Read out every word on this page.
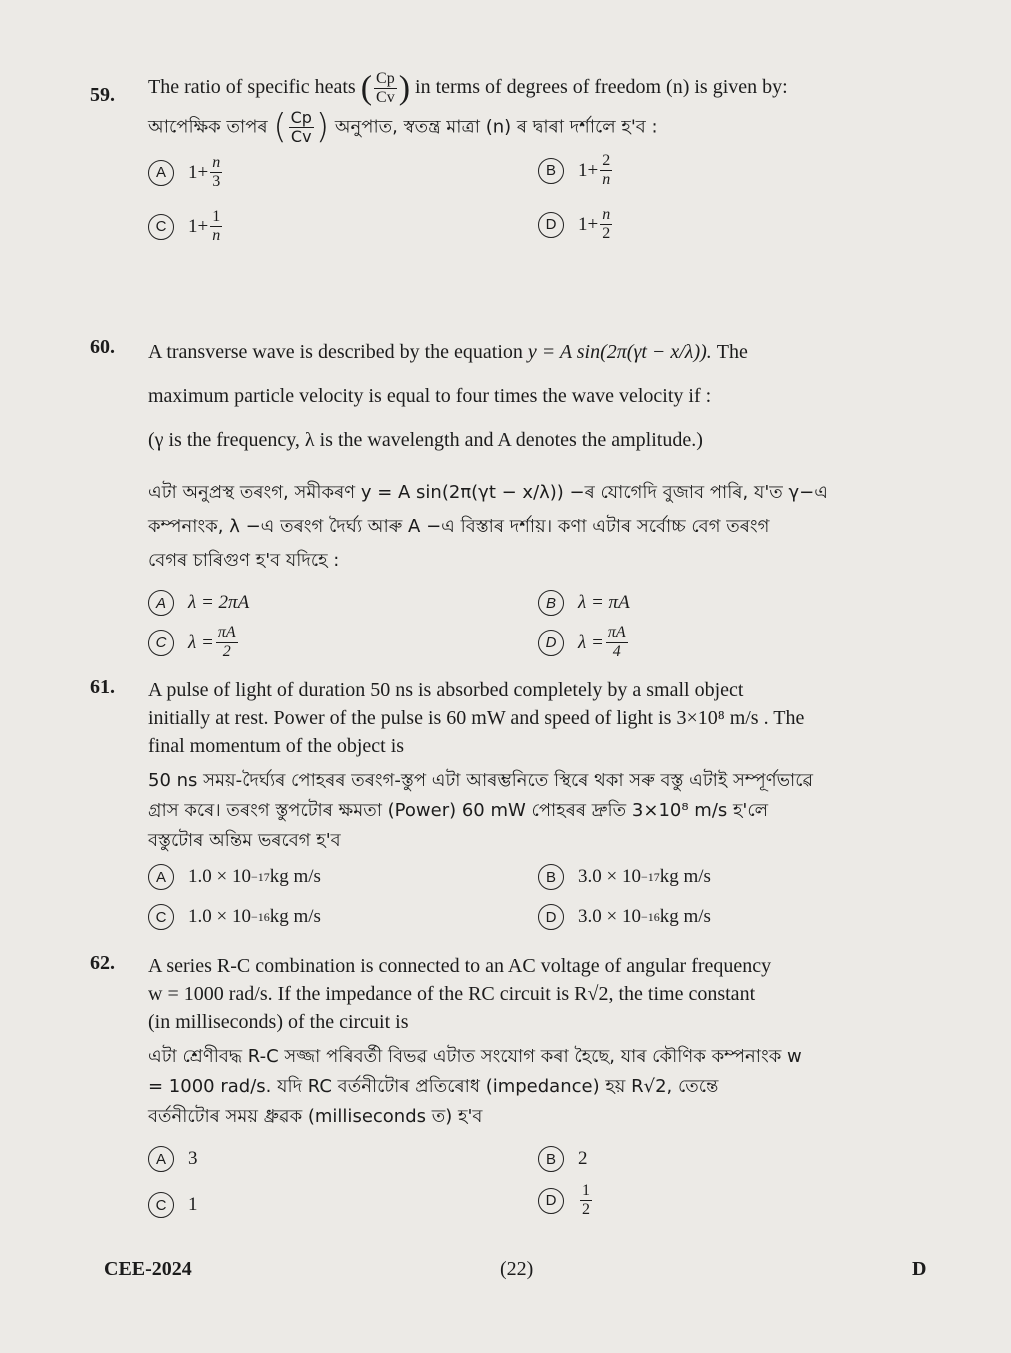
59. The ratio of specific heats ( $\frac{Cp}{Cv}$ ) in terms of degrees of freedom (n) is given by:
আপেক্ষিক তাপৰ ( $\frac{Cp}{Cv}$ ) অনুপাত, স্বতন্ত্ৰ মাত্ৰা (n) ৰ দ্বাৰা দৰ্শালে হ'ব :
A	$1+ \frac{n}{3}$	B	$1+ \frac{2}{n}$
C	$1+ \frac{1}{n}$	D	$1+ \frac{n}{2}$
60. A transverse wave is described by the equation y = A sin(2π(γt − x/λ)). The
maximum particle velocity is equal to four times the wave velocity if :
(γ is the frequency, λ is the wavelength and A denotes the amplitude.)
এটা অনুপ্ৰস্থ তৰংগ, সমীকৰণ y = A sin(2π(γt − x/λ)) −ৰ যোগেদি বুজাব পাৰি, য'ত γ−এ
কম্পনাংক, λ −এ তৰংগ দৈৰ্ঘ্য আৰু A −এ বিস্তাৰ দৰ্শায়। কণা এটাৰ সৰ্বোচ্চ বেগ তৰংগ
বেগৰ চাৰিগুণ হ'ব যদিহে :
A	λ = 2πA	B	λ = πA
C	$\lambda = \frac{\pi A}{2}$	D	$\lambda = \frac{\pi A}{4}$
61. A pulse of light of duration 50 ns is absorbed completely by a small object
initially at rest. Power of the pulse is 60 mW and speed of light is 3×10⁸ m/s . The
final momentum of the object is
50 ns সময়-দৈৰ্ঘ্যৰ পোহৰৰ তৰংগ-স্তুপ এটা আৰম্ভনিতে স্থিৰে থকা সৰু বস্তু এটাই সম্পূৰ্ণভাৱে
গ্ৰাস কৰে। তৰংগ স্তুপটোৰ ক্ষমতা (Power) 60 mW পোহৰৰ দ্ৰুতি 3×10⁸ m/s হ'লে
বস্তুটোৰ অন্তিম ভৰবেগ হ'ব
A	1.0 × 10 −17 kg m/s	B	3.0 × 10 −17 kg m/s
C	1.0 × 10 −16 kg m/s	D	3.0 × 10 −16 kg m/s
62. A series R-C combination is connected to an AC voltage of angular frequency
w = 1000 rad/s. If the impedance of the RC circuit is R√2, the time constant
(in milliseconds) of the circuit is
এটা শ্ৰেণীবদ্ধ R-C সজ্জা পৰিবৰ্তী বিভৱ এটাত সংযোগ কৰা হৈছে, যাৰ কৌণিক কম্পনাংক w
= 1000 rad/s. যদি RC বৰ্তনীটোৰ প্ৰতিৰোধ (impedance) হয় R√2, তেন্তে
বৰ্তনীটোৰ সময় ধ্ৰুৱক (milliseconds ত) হ'ব
A	3	B	2
C	1	D	$\frac{1}{2}$
CEE-2024	(22)	D
